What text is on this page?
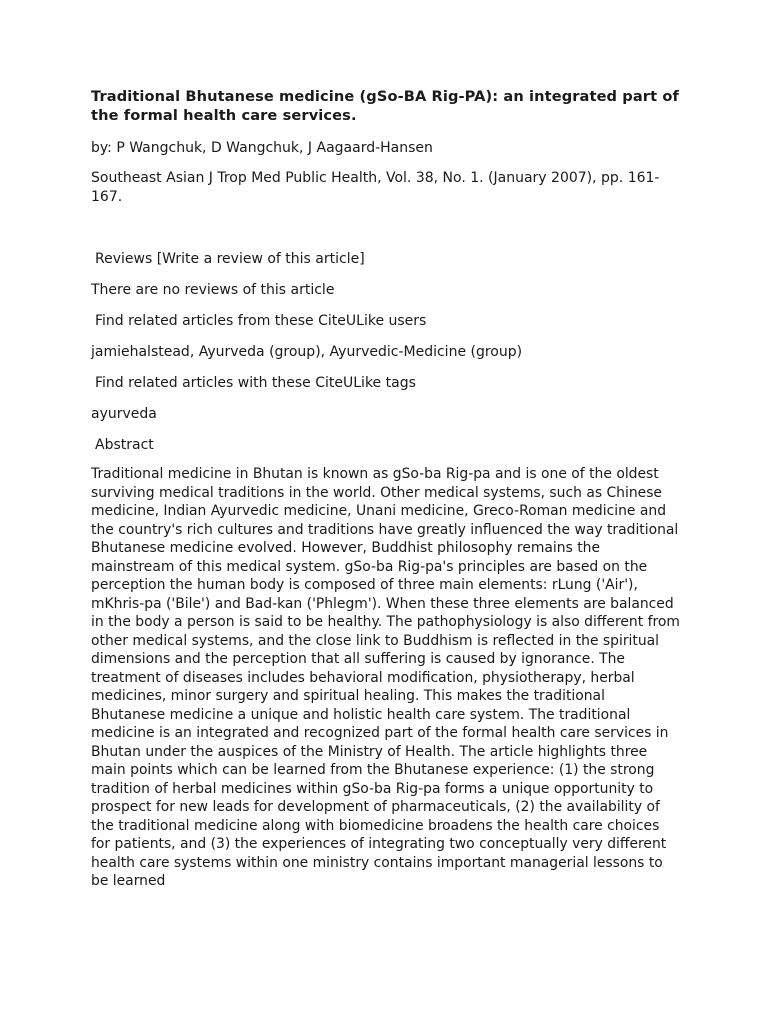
Traditional Bhutanese medicine (gSo-BA Rig-PA): an integrated part of the formal health care services.

by: P Wangchuk, D Wangchuk, J Aagaard-Hansen

Southeast Asian J Trop Med Public Health, Vol. 38, No. 1. (January 2007), pp. 161-167.

Reviews [Write a review of this article]

There are no reviews of this article

Find related articles from these CiteULike users

jamiehalstead, Ayurveda (group), Ayurvedic-Medicine (group)

Find related articles with these CiteULike tags

ayurveda

Abstract

Traditional medicine in Bhutan is known as gSo-ba Rig-pa and is one of the oldest surviving medical traditions in the world. Other medical systems, such as Chinese medicine, Indian Ayurvedic medicine, Unani medicine, Greco-Roman medicine and the country's rich cultures and traditions have greatly influenced the way traditional Bhutanese medicine evolved. However, Buddhist philosophy remains the mainstream of this medical system. gSo-ba Rig-pa's principles are based on the perception the human body is composed of three main elements: rLung ('Air'), mKhris-pa ('Bile') and Bad-kan ('Phlegm'). When these three elements are balanced in the body a person is said to be healthy. The pathophysiology is also different from other medical systems, and the close link to Buddhism is reflected in the spiritual dimensions and the perception that all suffering is caused by ignorance. The treatment of diseases includes behavioral modification, physiotherapy, herbal medicines, minor surgery and spiritual healing. This makes the traditional Bhutanese medicine a unique and holistic health care system. The traditional medicine is an integrated and recognized part of the formal health care services in Bhutan under the auspices of the Ministry of Health. The article highlights three main points which can be learned from the Bhutanese experience: (1) the strong tradition of herbal medicines within gSo-ba Rig-pa forms a unique opportunity to prospect for new leads for development of pharmaceuticals, (2) the availability of the traditional medicine along with biomedicine broadens the health care choices for patients, and (3) the experiences of integrating two conceptually very different health care systems within one ministry contains important managerial lessons to be learned
